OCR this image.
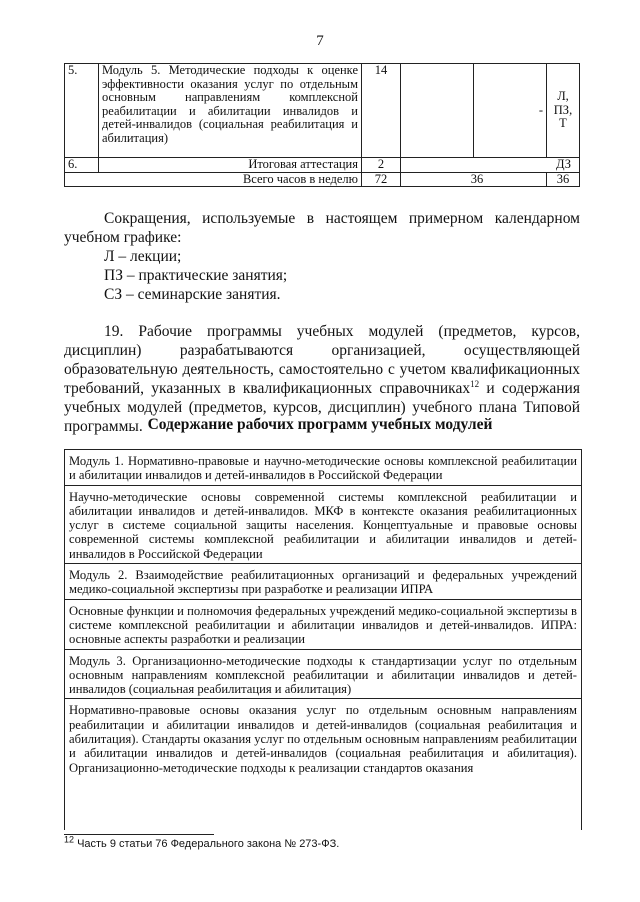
7
5.	Модуль 5. Методические подходы к оценке эффективности оказания услуг по отдельным основным направлениям комплексной реабилитации и абилитации инвалидов и детей-инвалидов (социальная реабилитация и абилитация)	14		-	Л, ПЗ, Т
6.	Итоговая аттестация	2	ДЗ		
Всего часов в неделю		72	36		36

Сокращения, используемые в настоящем примерном календарном учебном графике:

Л – лекции;
ПЗ – практические занятия;
СЗ – семинарские занятия.

19. Рабочие программы учебных модулей (предметов, курсов, дисциплин) разрабатываются организацией, осуществляющей образовательную деятельность, самостоятельно с учетом квалификационных требований, указанных в квалификационных справочниках$^{12}$ и содержания учебных модулей (предметов, курсов, дисциплин) учебного плана Типовой программы. Содержание рабочих программ учебных модулей
Модуль 1. Нормативно-правовые и научно-методические основы комплексной реабилитации и абилитации инвалидов и детей-инвалидов в Российской Федерации
Научно-методические основы современной системы комплексной реабилитации и абилитации инвалидов и детей-инвалидов. МКФ в контексте оказания реабилитационных услуг в системе социальной защиты населения. Концептуальные и правовые основы современной системы комплексной реабилитации и абилитации инвалидов и детей-инвалидов в Российской Федерации
Модуль 2. Взаимодействие реабилитационных организаций и федеральных учреждений медико-социальной экспертизы при разработке и реализации ИПРА
Основные функции и полномочия федеральных учреждений медико-социальной экспертизы в системе комплексной реабилитации и абилитации инвалидов и детей-инвалидов. ИПРА: основные аспекты разработки и реализации
Модуль 3. Организационно-методические подходы к стандартизации услуг по отдельным основным направлениям комплексной реабилитации и абилитации инвалидов и детей-инвалидов (социальная реабилитация и абилитация)
Нормативно-правовые основы оказания услуг по отдельным основным направлениям реабилитации и абилитации инвалидов и детей-инвалидов (социальная реабилитация и абилитация). Стандарты оказания услуг по отдельным основным направлениям реабилитации и абилитации инвалидов и детей-инвалидов (социальная реабилитация и абилитация). Организационно-методические подходы к реализации стандартов оказания
$^{12}$ Часть 9 статьи 76 Федерального закона № 273-ФЗ.
